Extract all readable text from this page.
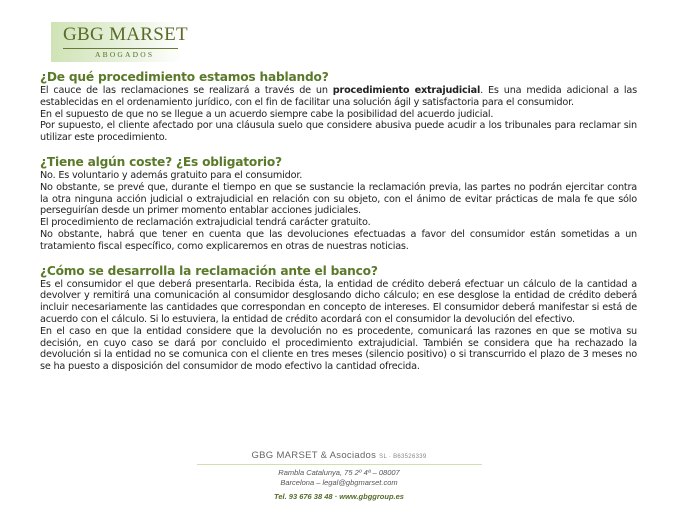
GBG MARSET
ABOGADOS
¿De qué procedimiento estamos hablando?

El cauce de las reclamaciones se realizará a través de un procedimiento extrajudicial. Es una medida adicional a las establecidas en el ordenamiento jurídico, con el fin de facilitar una solución ágil y satisfactoria para el consumidor.

En el supuesto de que no se llegue a un acuerdo siempre cabe la posibilidad del acuerdo judicial.

Por supuesto, el cliente afectado por una cláusula suelo que considere abusiva puede acudir a los tribunales para reclamar sin utilizar este procedimiento.

¿Tiene algún coste? ¿Es obligatorio?

No. Es voluntario y además gratuito para el consumidor.

No obstante, se prevé que, durante el tiempo en que se sustancie la reclamación previa, las partes no podrán ejercitar contra la otra ninguna acción judicial o extrajudicial en relación con su objeto, con el ánimo de evitar prácticas de mala fe que sólo perseguirían desde un primer momento entablar acciones judiciales.

El procedimiento de reclamación extrajudicial tendrá carácter gratuito.

No obstante, habrá que tener en cuenta que las devoluciones efectuadas a favor del consumidor están sometidas a un tratamiento fiscal específico, como explicaremos en otras de nuestras noticias.

¿Cómo se desarrolla la reclamación ante el banco?

Es el consumidor el que deberá presentarla. Recibida ésta, la entidad de crédito deberá efectuar un cálculo de la cantidad a devolver y remitirá una comunicación al consumidor desglosando dicho cálculo; en ese desglose la entidad de crédito deberá incluir necesariamente las cantidades que correspondan en concepto de intereses. El consumidor deberá manifestar si está de acuerdo con el cálculo. Si lo estuviera, la entidad de crédito acordará con el consumidor la devolución del efectivo.

En el caso en que la entidad considere que la devolución no es procedente, comunicará las razones en que se motiva su decisión, en cuyo caso se dará por concluido el procedimiento extrajudicial. También se considera que ha rechazado la devolución si la entidad no se comunica con el cliente en tres meses (silencio positivo) o si transcurrido el plazo de 3 meses no se ha puesto a disposición del consumidor de modo efectivo la cantidad ofrecida.

GBG MARSET & Asociados SL · B63526339
Rambla Catalunya, 75 2º 4ª – 08007
Barcelona – legal@gbgmarset.com
Tel. 93 676 38 48 · www.gbggroup.es
